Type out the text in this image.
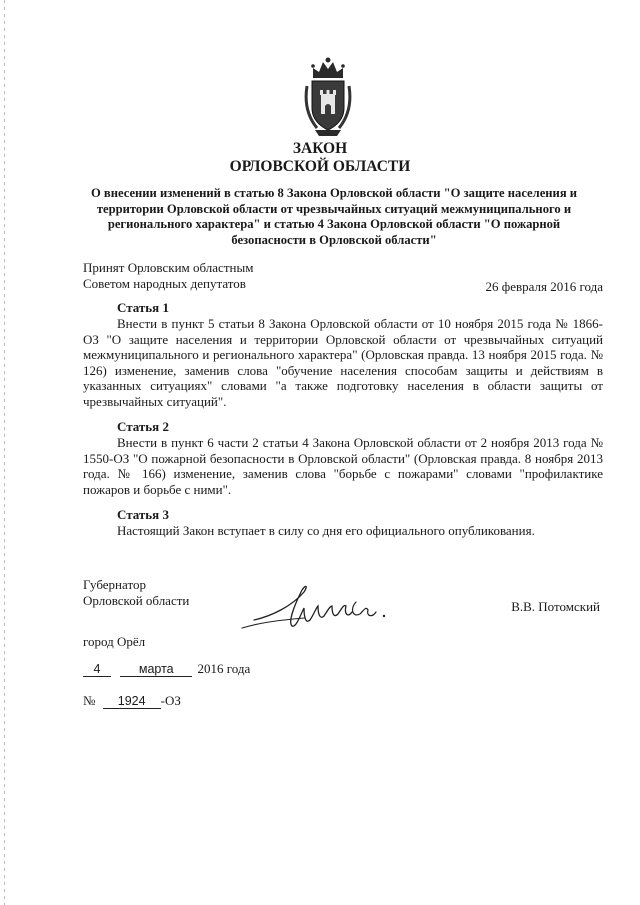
ЗАКОН
ОРЛОВСКОЙ ОБЛАСТИ
О внесении изменений в статью 8 Закона Орловской области "О защите населения и территории Орловской области от чрезвычайных ситуаций межмуниципального и регионального характера" и статью 4 Закона Орловской области "О пожарной безопасности в Орловской области"
Принят Орловским областным
Советом народных депутатов	26 февраля 2016 года
Статья 1
Внести в пункт 5 статьи 8 Закона Орловской области от 10 ноября 2015 года № 1866-ОЗ "О защите населения и территории Орловской области от чрезвычайных ситуаций межмуниципального и регионального характера" (Орловская правда. 13 ноября 2015 года. № 126) изменение, заменив слова "обучение населения способам защиты и действиям в указанных ситуациях" словами "а также подготовку населения в области защиты от чрезвычайных ситуаций".
Статья 2
Внести в пункт 6 части 2 статьи 4 Закона Орловской области от 2 ноября 2013 года № 1550-ОЗ "О пожарной безопасности в Орловской области" (Орловская правда. 8 ноября 2013 года. № 166) изменение, заменив слова "борьбе с пожарами" словами "профилактике пожаров и борьбе с ними".
Статья 3
Настоящий Закон вступает в силу со дня его официального опубликования.
Губернатор
Орловской области	В.В. Потомский
город Орёл
4	марта 2016 года
№ 1924 -ОЗ
